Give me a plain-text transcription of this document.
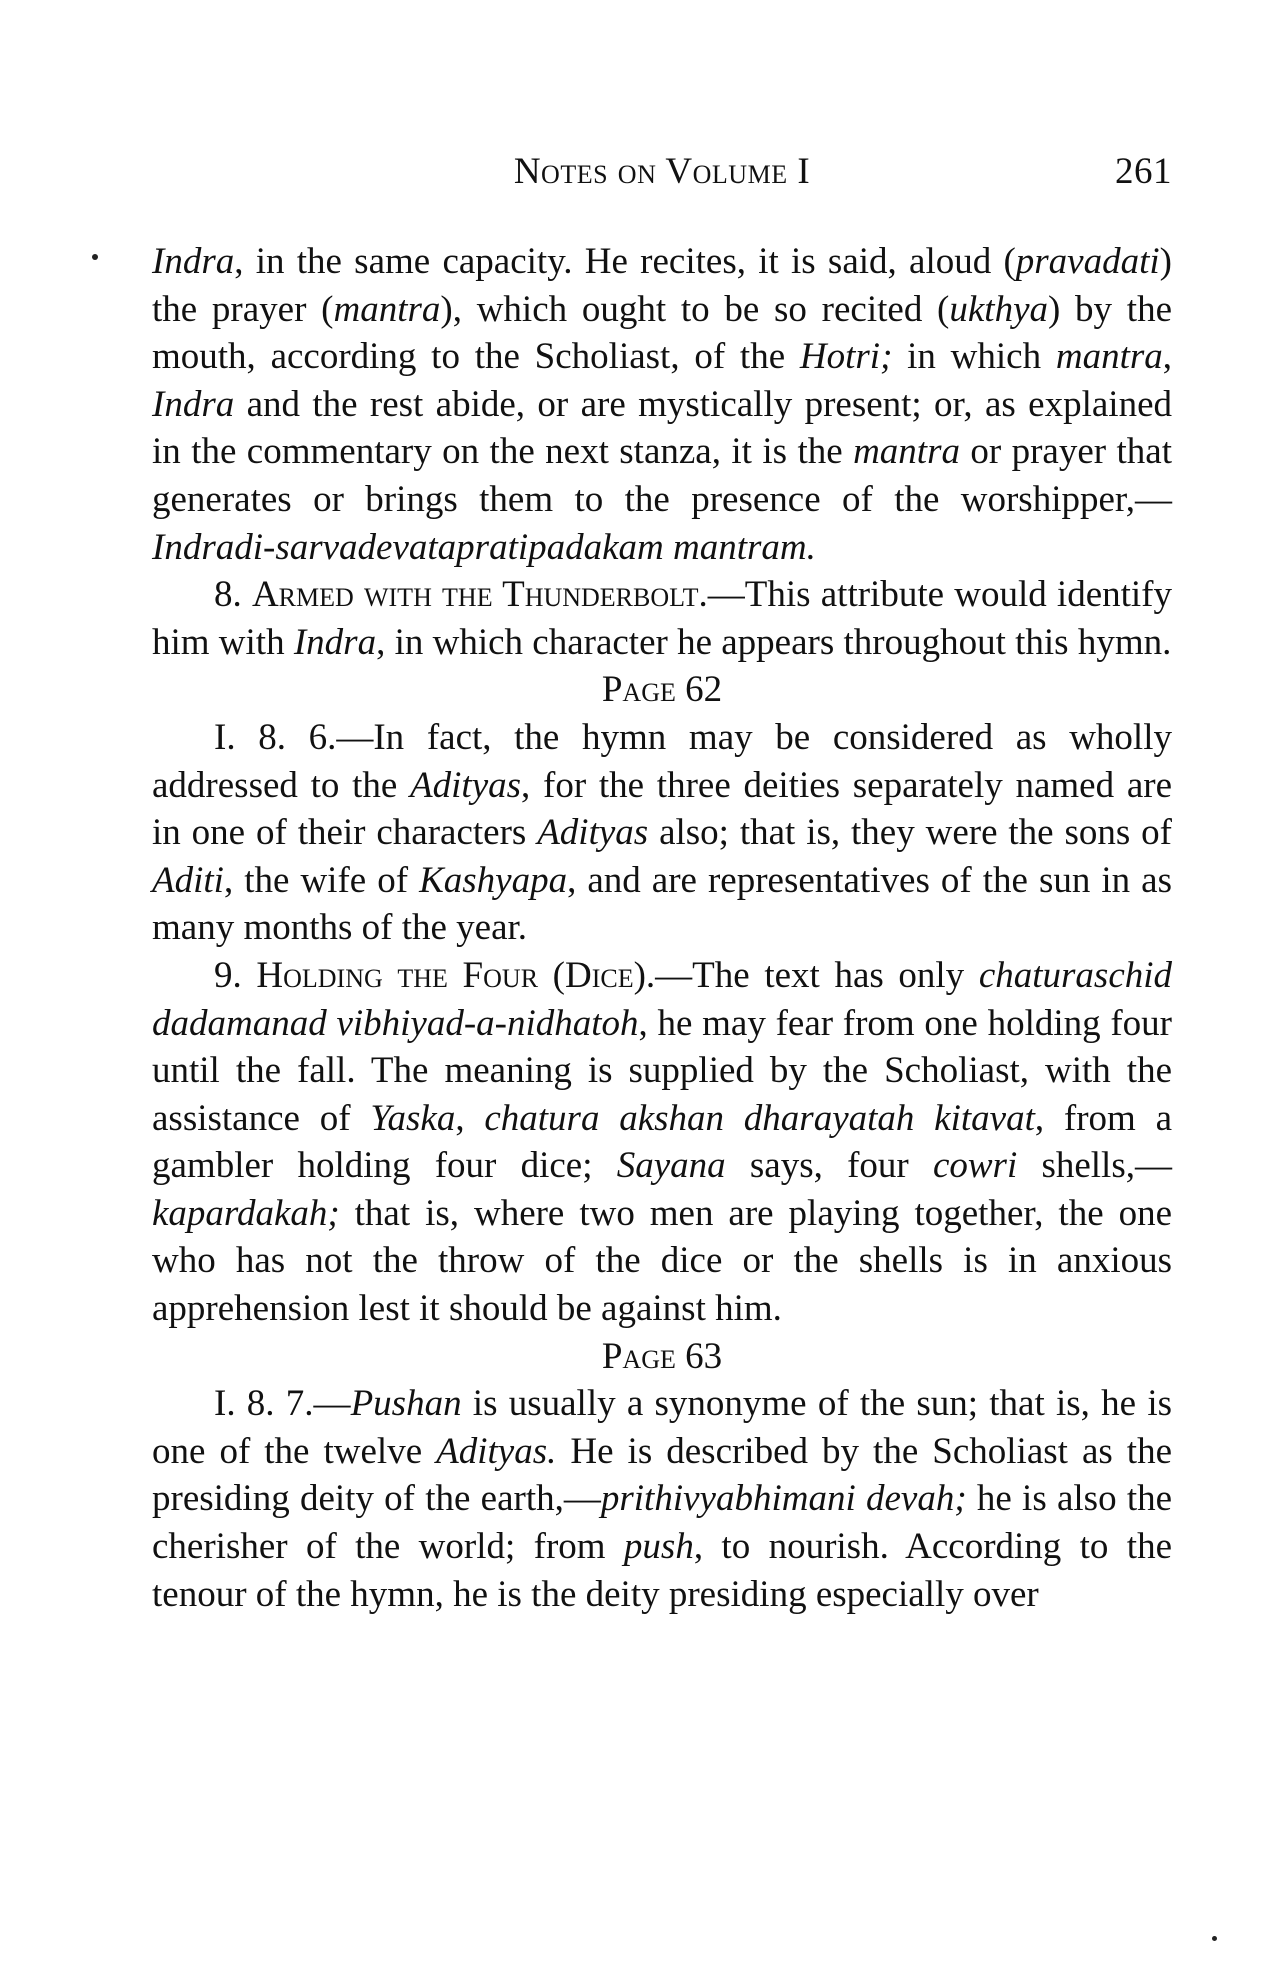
Notes on Volume I	261

Indra, in the same capacity. He recites, it is said, aloud (pravadati) the prayer (mantra), which ought to be so recited (ukthya) by the mouth, according to the Scholiast, of the Hotri; in which mantra, Indra and the rest abide, or are mystically present; or, as explained in the commentary on the next stanza, it is the mantra or prayer that generates or brings them to the presence of the worshipper,—Indradi-sarvadevatapratipadakam mantram.

8. Armed with the Thunderbolt.—This attribute would identify him with Indra, in which character he appears throughout this hymn.

Page 62

I. 8. 6.—In fact, the hymn may be considered as wholly addressed to the Adityas, for the three deities separately named are in one of their characters Adityas also; that is, they were the sons of Aditi, the wife of Kashyapa, and are representatives of the sun in as many months of the year.

9. Holding the Four (Dice).—The text has only chaturaschid dadamanad vibhiyad-a-nidhatoh, he may fear from one holding four until the fall. The meaning is supplied by the Scholiast, with the assistance of Yaska, chatura akshan dharayatah kitavat, from a gambler holding four dice; Sayana says, four cowri shells,—kapardakah; that is, where two men are playing together, the one who has not the throw of the dice or the shells is in anxious apprehension lest it should be against him.

Page 63

I. 8. 7.—Pushan is usually a synonyme of the sun; that is, he is one of the twelve Adityas. He is described by the Scholiast as the presiding deity of the earth,—prithivyabhimani devah; he is also the cherisher of the world; from push, to nourish. According to the tenour of the hymn, he is the deity presiding especially over
